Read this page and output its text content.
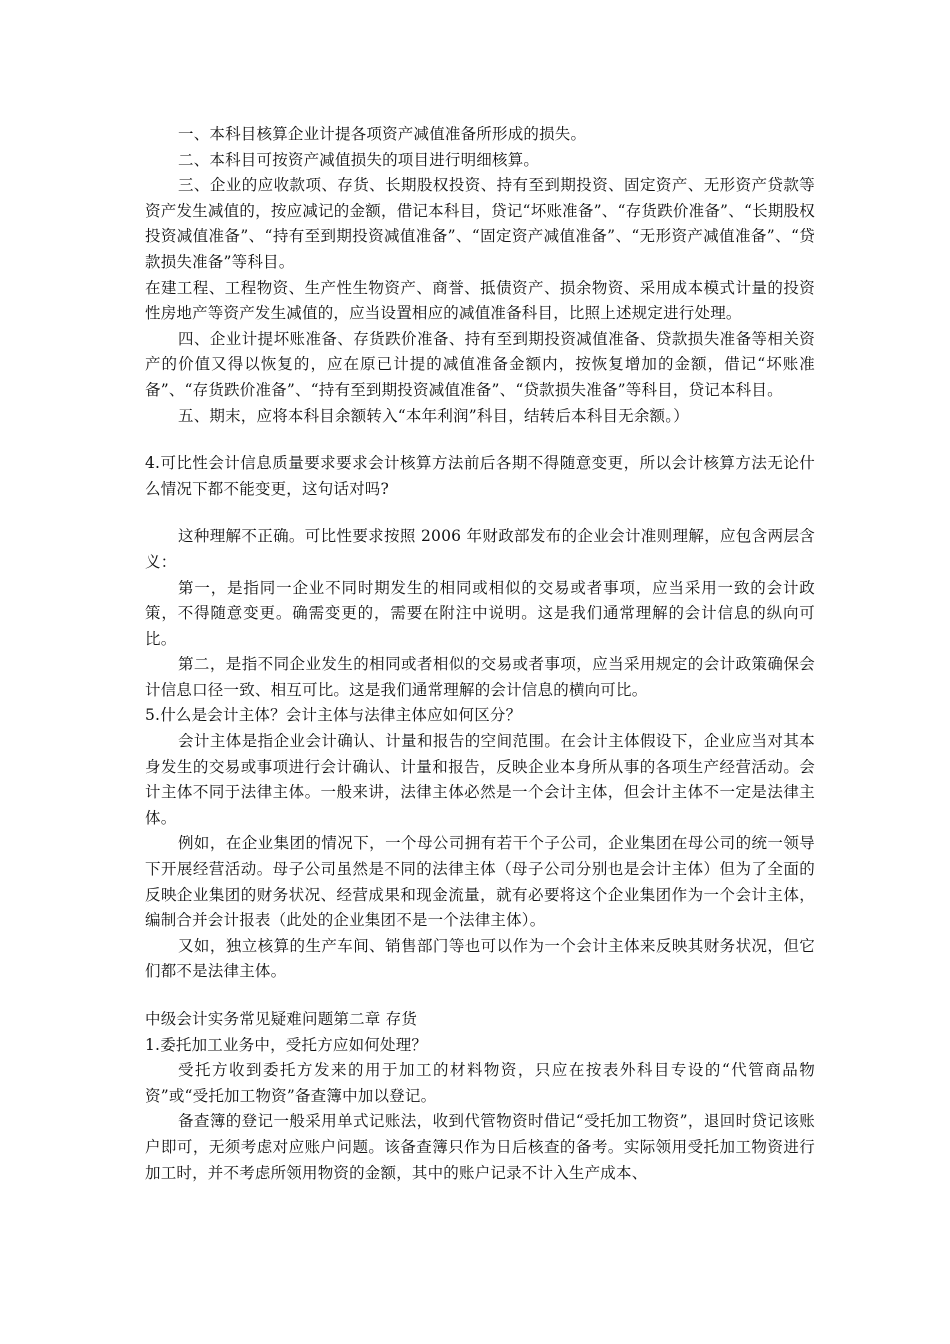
一、本科目核算企业计提各项资产减值准备所形成的损失。

二、本科目可按资产减值损失的项目进行明细核算。

三、企业的应收款项、存货、长期股权投资、持有至到期投资、固定资产、无形资产贷款等资产发生减值的，按应减记的金额，借记本科目，贷记“坏账准备”、“存货跌价准备”、“长期股权投资减值准备”、“持有至到期投资减值准备”、“固定资产减值准备”、“无形资产减值准备”、“贷款损失准备”等科目。

在建工程、工程物资、生产性生物资产、商誉、抵债资产、损余物资、采用成本模式计量的投资性房地产等资产发生减值的，应当设置相应的减值准备科目，比照上述规定进行处理。

四、企业计提坏账准备、存货跌价准备、持有至到期投资减值准备、贷款损失准备等相关资产的价值又得以恢复的，应在原已计提的减值准备金额内，按恢复增加的金额，借记“坏账准备”、“存货跌价准备”、“持有至到期投资减值准备”、“贷款损失准备”等科目，贷记本科目。

五、期末，应将本科目余额转入“本年利润”科目，结转后本科目无余额。）

4.可比性会计信息质量要求要求会计核算方法前后各期不得随意变更，所以会计核算方法无论什么情况下都不能变更，这句话对吗?

这种理解不正确。可比性要求按照 2006 年财政部发布的企业会计准则理解，应包含两层含义：

第一，是指同一企业不同时期发生的相同或相似的交易或者事项，应当采用一致的会计政策，不得随意变更。确需变更的，需要在附注中说明。这是我们通常理解的会计信息的纵向可比。

第二，是指不同企业发生的相同或者相似的交易或者事项，应当采用规定的会计政策确保会计信息口径一致、相互可比。这是我们通常理解的会计信息的横向可比。

5.什么是会计主体？会计主体与法律主体应如何区分？

会计主体是指企业会计确认、计量和报告的空间范围。在会计主体假设下，企业应当对其本身发生的交易或事项进行会计确认、计量和报告，反映企业本身所从事的各项生产经营活动。会计主体不同于法律主体。一般来讲，法律主体必然是一个会计主体，但会计主体不一定是法律主体。

例如，在企业集团的情况下，一个母公司拥有若干个子公司，企业集团在母公司的统一领导下开展经营活动。母子公司虽然是不同的法律主体（母子公司分别也是会计主体）但为了全面的反映企业集团的财务状况、经营成果和现金流量，就有必要将这个企业集团作为一个会计主体，编制合并会计报表（此处的企业集团不是一个法律主体）。

又如，独立核算的生产车间、销售部门等也可以作为一个会计主体来反映其财务状况，但它们都不是法律主体。

中级会计实务常见疑难问题第二章 存货

1.委托加工业务中，受托方应如何处理？

受托方收到委托方发来的用于加工的材料物资，只应在按表外科目专设的“代管商品物资”或“受托加工物资”备查簿中加以登记。

备查簿的登记一般采用单式记账法，收到代管物资时借记“受托加工物资”，退回时贷记该账户即可，无须考虑对应账户问题。该备查簿只作为日后核查的备考。实际领用受托加工物资进行加工时，并不考虑所领用物资的金额，其中的账户记录不计入生产成本、
